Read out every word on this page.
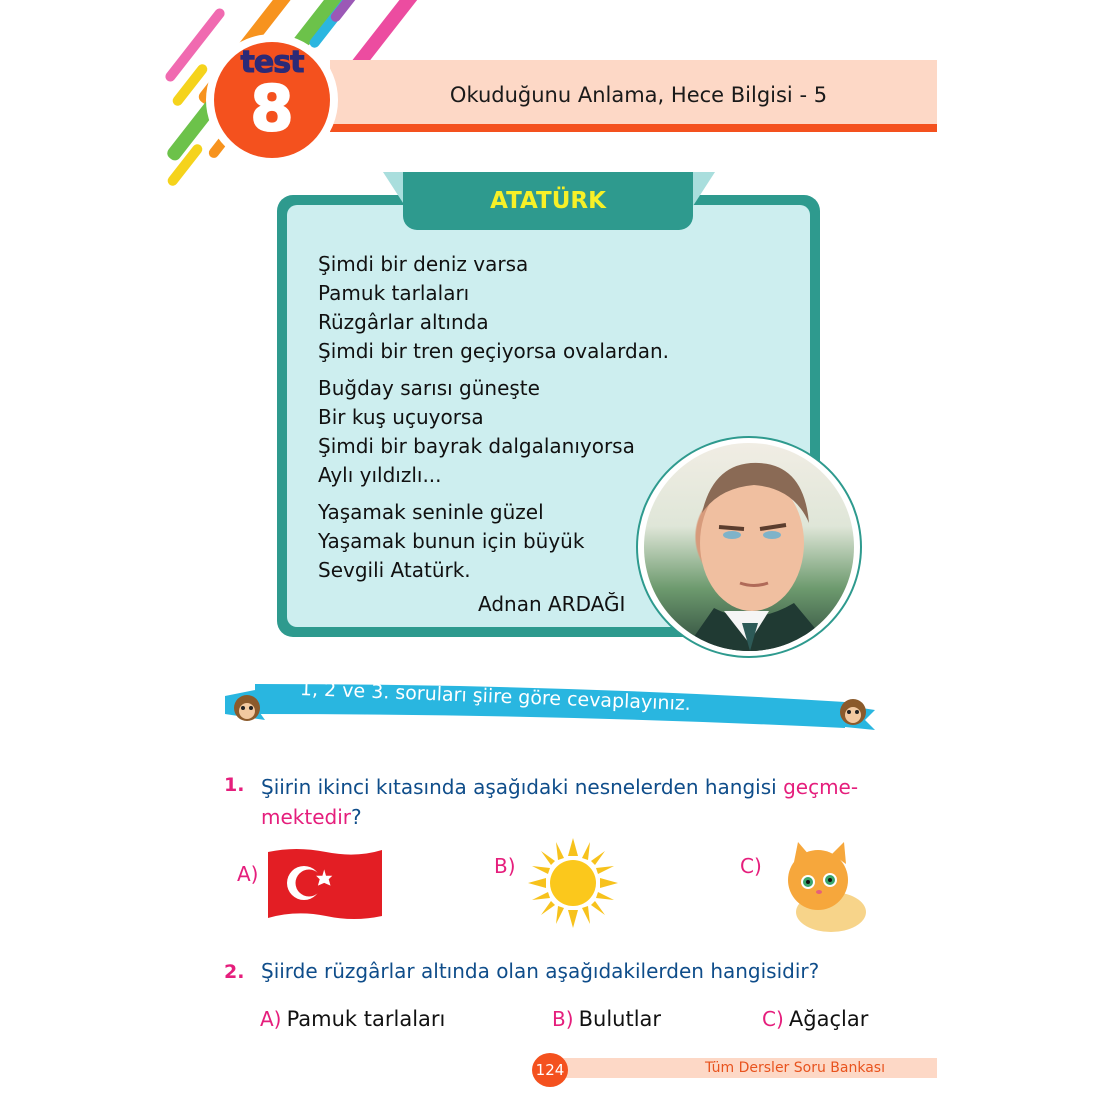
Okuduğunu Anlama, Hece Bilgisi - 5
test
8
ATATÜRK
Şimdi bir deniz varsa
Pamuk tarlaları
Rüzgârlar altında
Şimdi bir tren geçiyorsa ovalardan.
Buğday sarısı güneşte
Bir kuş uçuyorsa
Şimdi bir bayrak dalgalanıyorsa
Aylı yıldızlı...
Yaşamak seninle güzel
Yaşamak bunun için büyük
Sevgili Atatürk.
Adnan ARDAĞI
1, 2 ve 3. soruları şiire göre cevaplayınız.
1. Şiirin ikinci kıtasında aşağıdaki nesnelerden hangisi geçme-
mektedir?
A)	B)	C)
2. Şiirde rüzgârlar altında olan aşağıdakilerden hangisidir?
A) Pamuk tarlaları	B) Bulutlar	C) Ağaçlar
124	Tüm Dersler Soru Bankası
